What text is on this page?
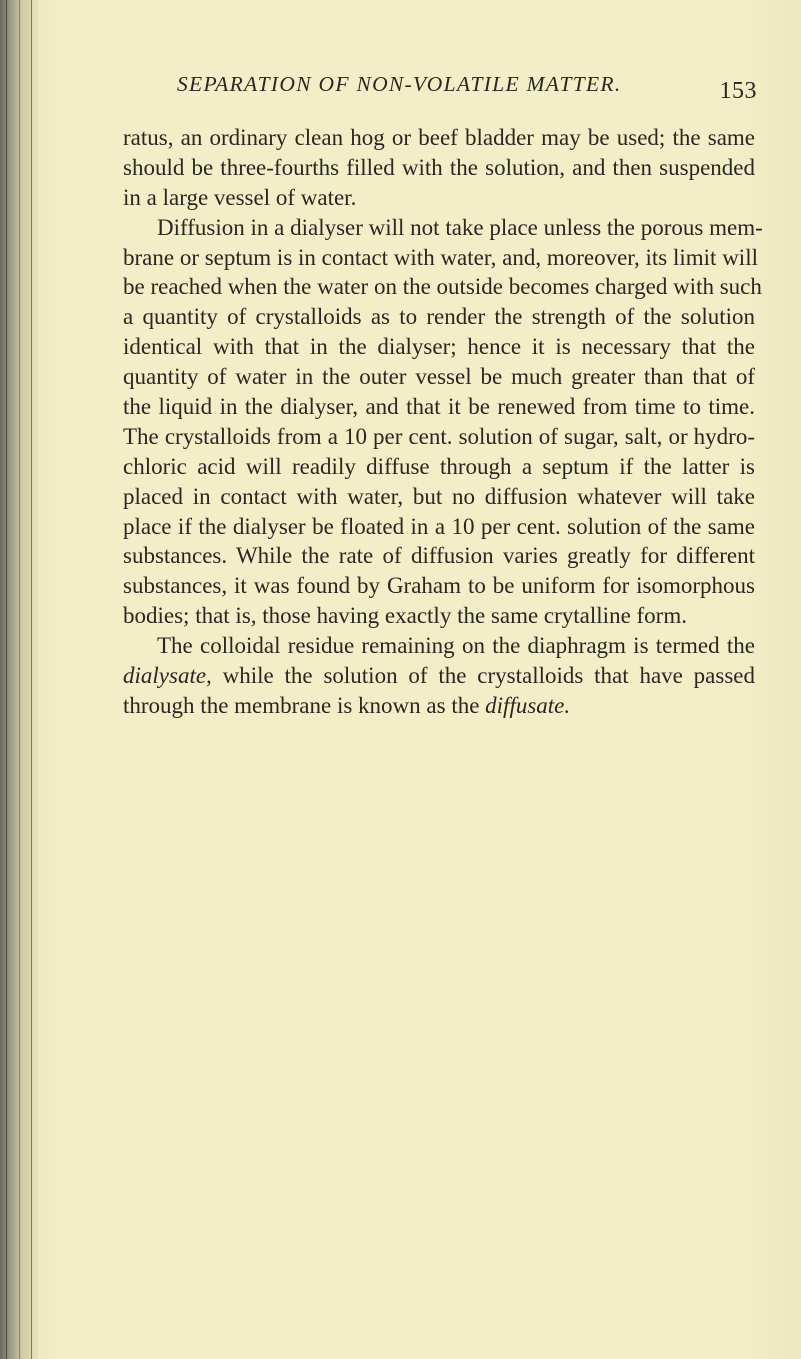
SEPARATION OF NON-VOLATILE MATTER.	153
ratus, an ordinary clean hog or beef bladder may be used; the same
should be three-fourths filled with the solution, and then suspended
in a large vessel of water.
Diffusion in a dialyser will not take place unless the porous mem-
brane or septum is in contact with water, and, moreover, its limit will
be reached when the water on the outside becomes charged with such
a quantity of crystalloids as to render the strength of the solution
identical with that in the dialyser; hence it is necessary that the
quantity of water in the outer vessel be much greater than that of
the liquid in the dialyser, and that it be renewed from time to time.
The crystalloids from a 10 per cent. solution of sugar, salt, or hydro-
chloric acid will readily diffuse through a septum if the latter is
placed in contact with water, but no diffusion whatever will take
place if the dialyser be floated in a 10 per cent. solution of the same
substances. While the rate of diffusion varies greatly for different
substances, it was found by Graham to be uniform for isomorphous
bodies; that is, those having exactly the same crytalline form.
The colloidal residue remaining on the diaphragm is termed the
dialysate, while the solution of the crystalloids that have passed
through the membrane is known as the diffusate.
